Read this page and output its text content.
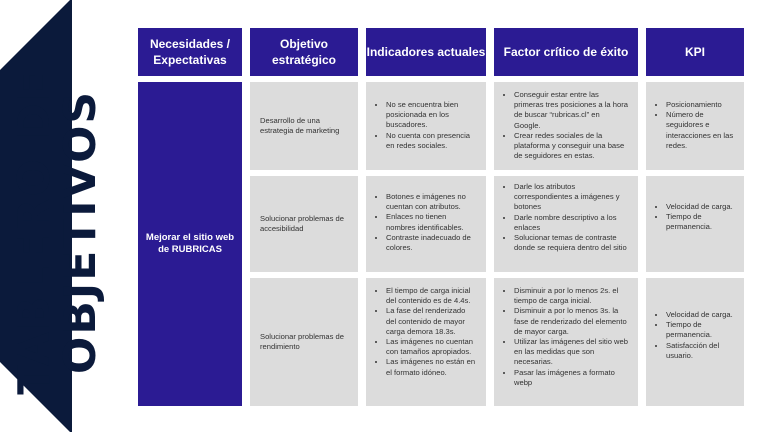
TABLERO DE
OBJETIVOS
Necesidades / Expectativas
Objetivo estratégico
Indicadores actuales	Factor crítico de éxito	KPI
Mejorar el sitio web de RUBRICAS
Desarrollo de una estrategia de marketing
• No se encuentra bien posicionada en los buscadores.
• No cuenta con presencia en redes sociales.
• Conseguir estar entre las primeras tres posiciones a la hora de buscar “rubricas.cl” en Google.
• Crear redes sociales de la plataforma y conseguir una base de seguidores en estas.
• Posicionamiento
• Número de seguidores e interacciones en las redes.
Solucionar problemas de accesibilidad
• Botones e imágenes no cuentan con atributos.
• Enlaces no tienen nombres identificables.
• Contraste inadecuado de colores.
• Darle los atributos correspondientes a imágenes y botones
• Darle nombre descriptivo a los enlaces
• Solucionar temas de contraste donde se requiera dentro del sitio
• Velocidad de carga.
• Tiempo de permanencia.
Solucionar problemas de rendimiento
• El tiempo de carga inicial del contenido es de 4.4s.
• La fase del renderizado del contenido de mayor carga demora 18.3s.
• Las imágenes no cuentan con tamaños apropiados.
• Las imágenes no están en el formato idóneo.
• Disminuir a por lo menos 2s. el tiempo de carga inicial.
• Disminuir a por lo menos 3s. la fase de renderizado del elemento de mayor carga.
• Utilizar las imágenes del sitio web en las medidas que son necesarias.
• Pasar las imágenes a formato webp
• Velocidad de carga.
• Tiempo de permanencia.
• Satisfacción del usuario.
